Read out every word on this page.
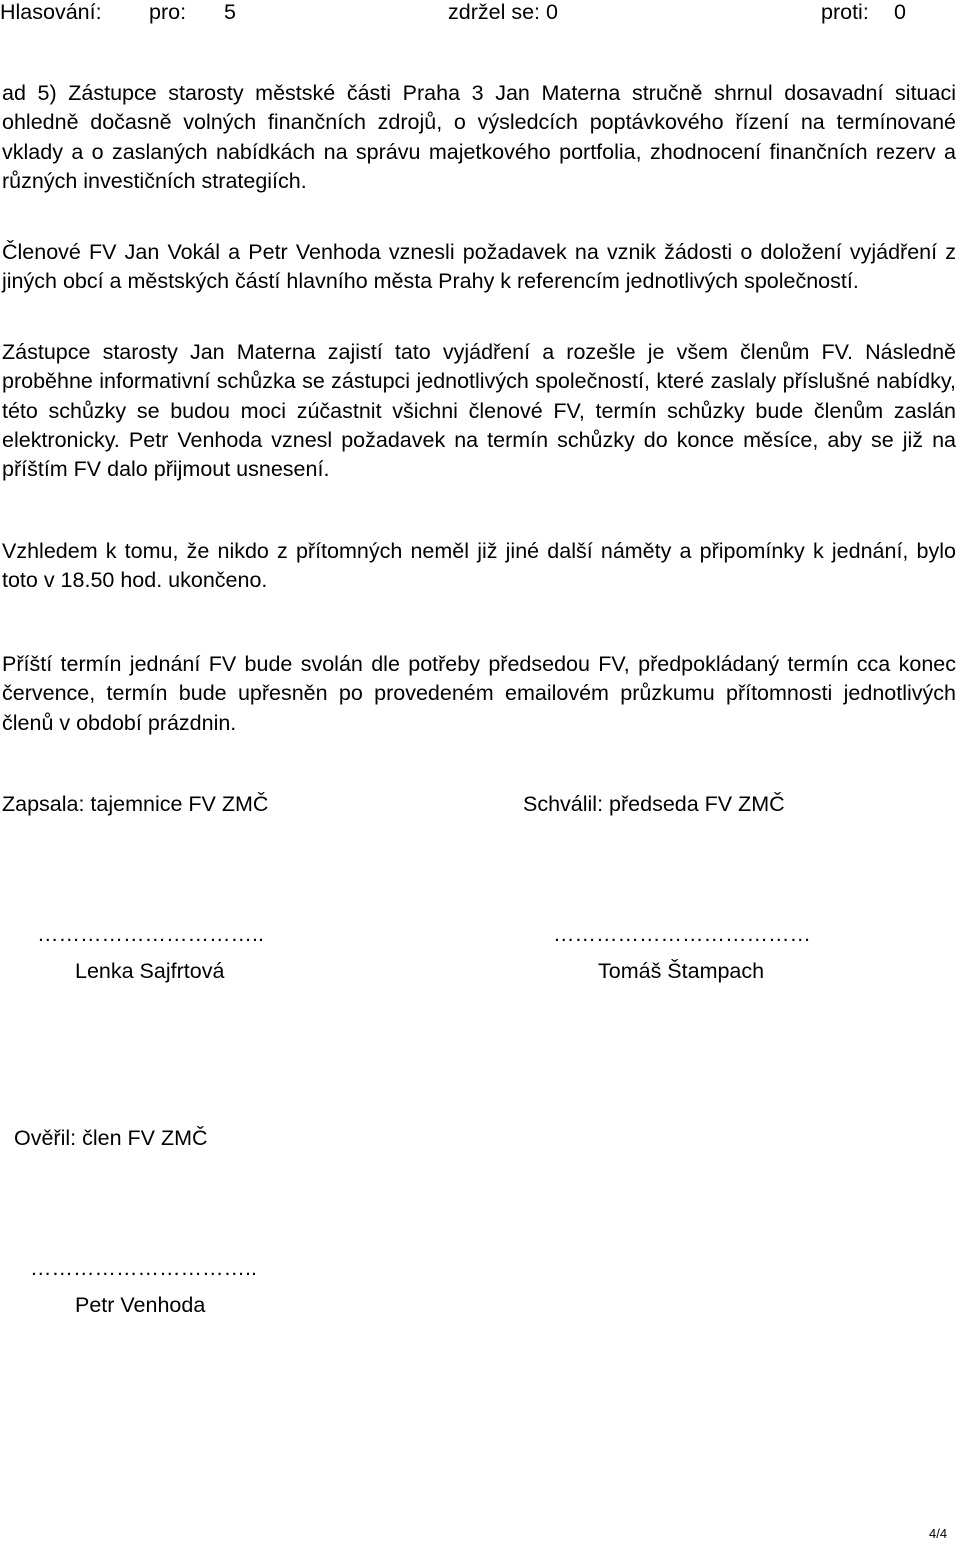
Hlasování: pro: 5	zdržel se: 0	proti: 0
ad 5) Zástupce starosty městské části Praha 3 Jan Materna stručně shrnul dosavadní situaci ohledně dočasně volných finančních zdrojů, o výsledcích poptávkového řízení na termínované vklady a o zaslaných nabídkách na správu majetkového portfolia, zhodnocení finančních rezerv a různých investičních strategiích.
Členové FV Jan Vokál a Petr Venhoda vznesli požadavek na vznik žádosti o doložení vyjádření z jiných obcí a městských částí hlavního města Prahy k referencím jednotlivých společností.
Zástupce starosty Jan Materna zajistí tato vyjádření a rozešle je všem členům FV. Následně proběhne informativní schůzka se zástupci jednotlivých společností, které zaslaly příslušné nabídky, této schůzky se budou moci zúčastnit všichni členové FV, termín schůzky bude členům zaslán elektronicky. Petr Venhoda vznesl požadavek na termín schůzky do konce měsíce, aby se již na příštím FV dalo přijmout usnesení.
Vzhledem k tomu, že nikdo z přítomných neměl již jiné další náměty a připomínky k jednání, bylo toto v 18.50 hod. ukončeno.
Příští termín jednání FV bude svolán dle potřeby předsedou FV, předpokládaný termín cca konec července, termín bude upřesněn po provedeném emailovém průzkumu přítomnosti jednotlivých členů v období prázdnin.
Zapsala: tajemnice FV ZMČ	Schválil: předseda FV ZMČ
…………………………..	………………………………
Lenka Sajfrtová	Tomáš Štampach
Ověřil: člen FV ZMČ
…………………………..
Petr Venhoda
4/4
